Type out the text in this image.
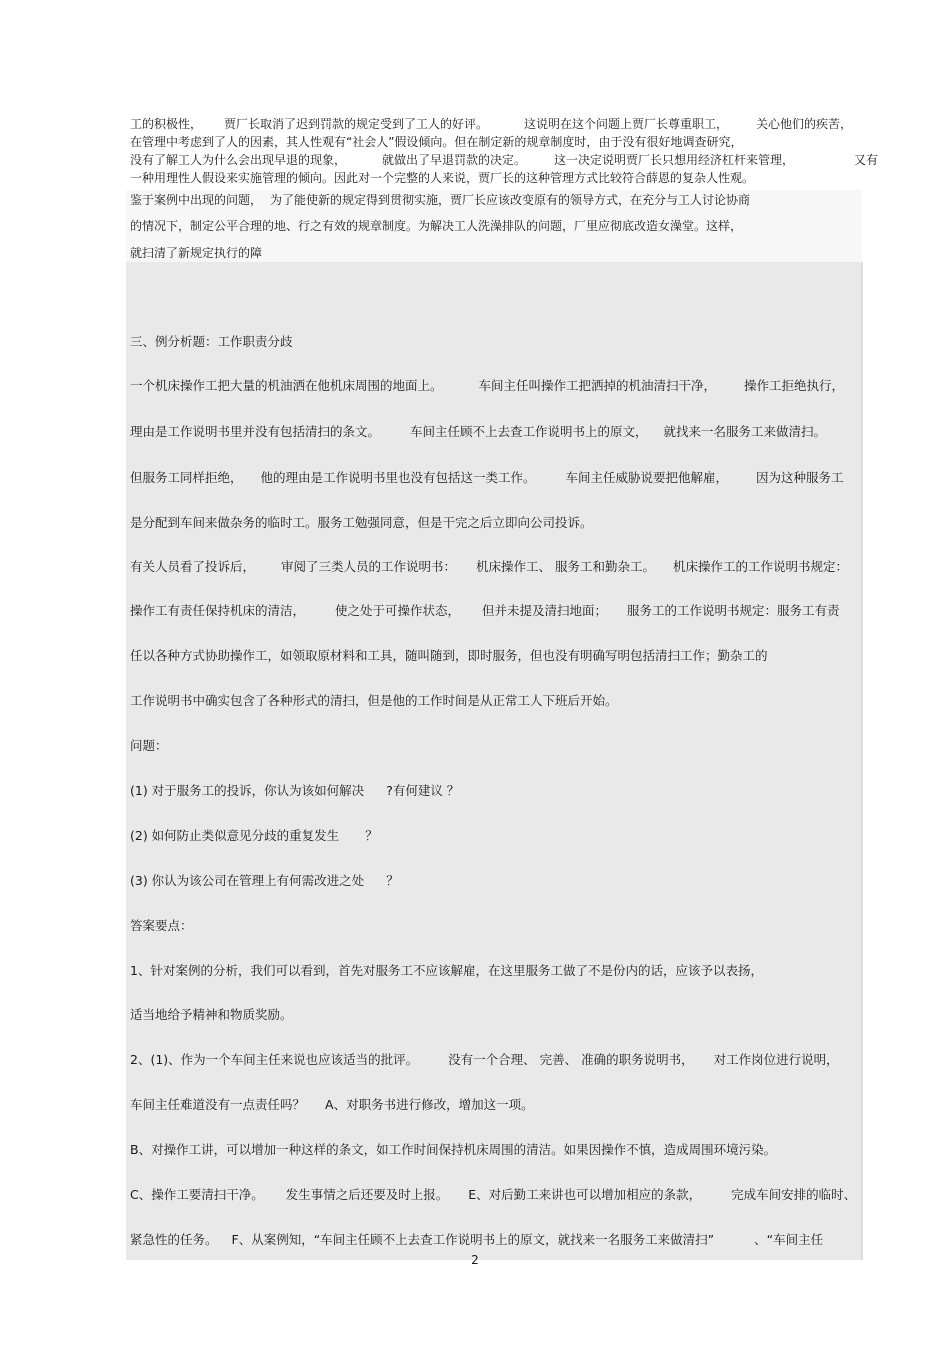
工的积极性， 贾厂长取消了迟到罚款的规定受到了工人的好评。	这说明在这个问题上贾厂长尊重职工， 关心他们的疾苦，
在管理中考虑到了人的因素，其人性观有“社会人”假设倾向。但在制定新的规章制度时，由于没有很好地调查研究，
没有了解工人为什么会出现早退的现象，	就做出了早退罚款的决定。 这一决定说明贾厂长只想用经济杠杆来管理，	又有
一种用理性人假设来实施管理的倾向。因此对一个完整的人来说，贾厂长的这种管理方式比较符合薛恩的复杂人性观。
鉴于案例中出现的问题， 为了能使新的规定得到贯彻实施，贾厂长应该改变原有的领导方式，在充分与工人讨论协商
的情况下，制定公平合理的地、行之有效的规章制度。为解决工人洗澡排队的问题，厂里应彻底改造女澡堂。这样，
就扫清了新规定执行的障
三、例分析题：工作职责分歧
一个机床操作工把大量的机油洒在他机床周围的地面上。	车间主任叫操作工把洒掉的机油清扫干净， 操作工拒绝执行，
理由是工作说明书里并没有包括清扫的条文。 车间主任顾不上去查工作说明书上的原文， 就找来一名服务工来做清扫。
但服务工同样拒绝， 他的理由是工作说明书里也没有包括这一类工作。 车间主任威胁说要把他解雇， 因为这种服务工
是分配到车间来做杂务的临时工。服务工勉强同意，但是干完之后立即向公司投诉。
有关人员看了投诉后， 审阅了三类人员的工作说明书： 机床操作工、 服务工和勤杂工。 机床操作工的工作说明书规定：
操作工有责任保持机床的清洁， 使之处于可操作状态， 但并未提及清扫地面； 服务工的工作说明书规定：服务工有责
任以各种方式协助操作工，如领取原材料和工具，随叫随到，即时服务，但也没有明确写明包括清扫工作；勤杂工的
工作说明书中确实包含了各种形式的清扫，但是他的工作时间是从正常工人下班后开始。
问题：
(1) 对于服务工的投诉，你认为该如何解决 ?有何建议 ？
(2) 如何防止类似意见分歧的重复发生 ？
(3) 你认为该公司在管理上有何需改进之处 ？
答案要点：
1、针对案例的分析，我们可以看到，首先对服务工不应该解雇，在这里服务工做了不是份内的话，应该予以表扬，
适当地给予精神和物质奖励。
2、(1)、作为一个车间主任来说也应该适当的批评。 没有一个合理、 完善、 准确的职务说明书， 对工作岗位进行说明，
车间主任难道没有一点责任吗？ A、对职务书进行修改，增加这一项。
B、对操作工讲，可以增加一种这样的条文，如工作时间保持机床周围的清洁。如果因操作不慎，造成周围环境污染。
C、操作工要清扫干净。 发生事情之后还要及时上报。 E、对后勤工来讲也可以增加相应的条款， 完成车间安排的临时、
紧急性的任务。 F、从案例知，“车间主任顾不上去查工作说明书上的原文，就找来一名服务工来做清扫”	、“车间主任
2
